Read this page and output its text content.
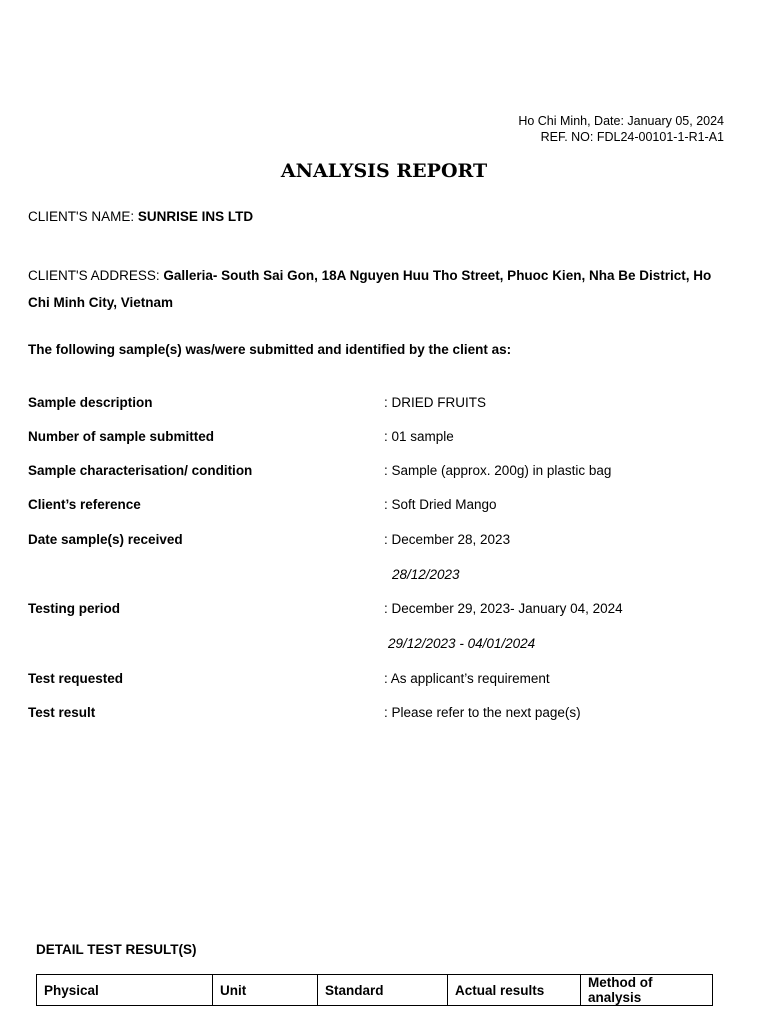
Ho Chi Minh, Date: January 05, 2024
REF. NO: FDL24-00101-1-R1-A1
ANALYSIS REPORT
CLIENT'S NAME: SUNRISE INS LTD
CLIENT'S ADDRESS: Galleria- South Sai Gon, 18A Nguyen Huu Tho Street, Phuoc Kien, Nha Be District, Ho Chi Minh City, Vietnam
The following sample(s) was/were submitted and identified by the client as:
Sample description	: DRIED FRUITS
Number of sample submitted	: 01 sample
Sample characterisation/ condition	: Sample (approx. 200g) in plastic bag
Client’s reference	: Soft Dried Mango
Date sample(s) received	: December 28, 2023
28/12/2023
Testing period	: December 29, 2023- January 04, 2024
29/12/2023 - 04/01/2024
Test requested	: As applicant’s requirement
Test result	: Please refer to the next page(s)
DETAIL TEST RESULT(S)
Physical	Unit	Standard	Actual results	Method of analysis
